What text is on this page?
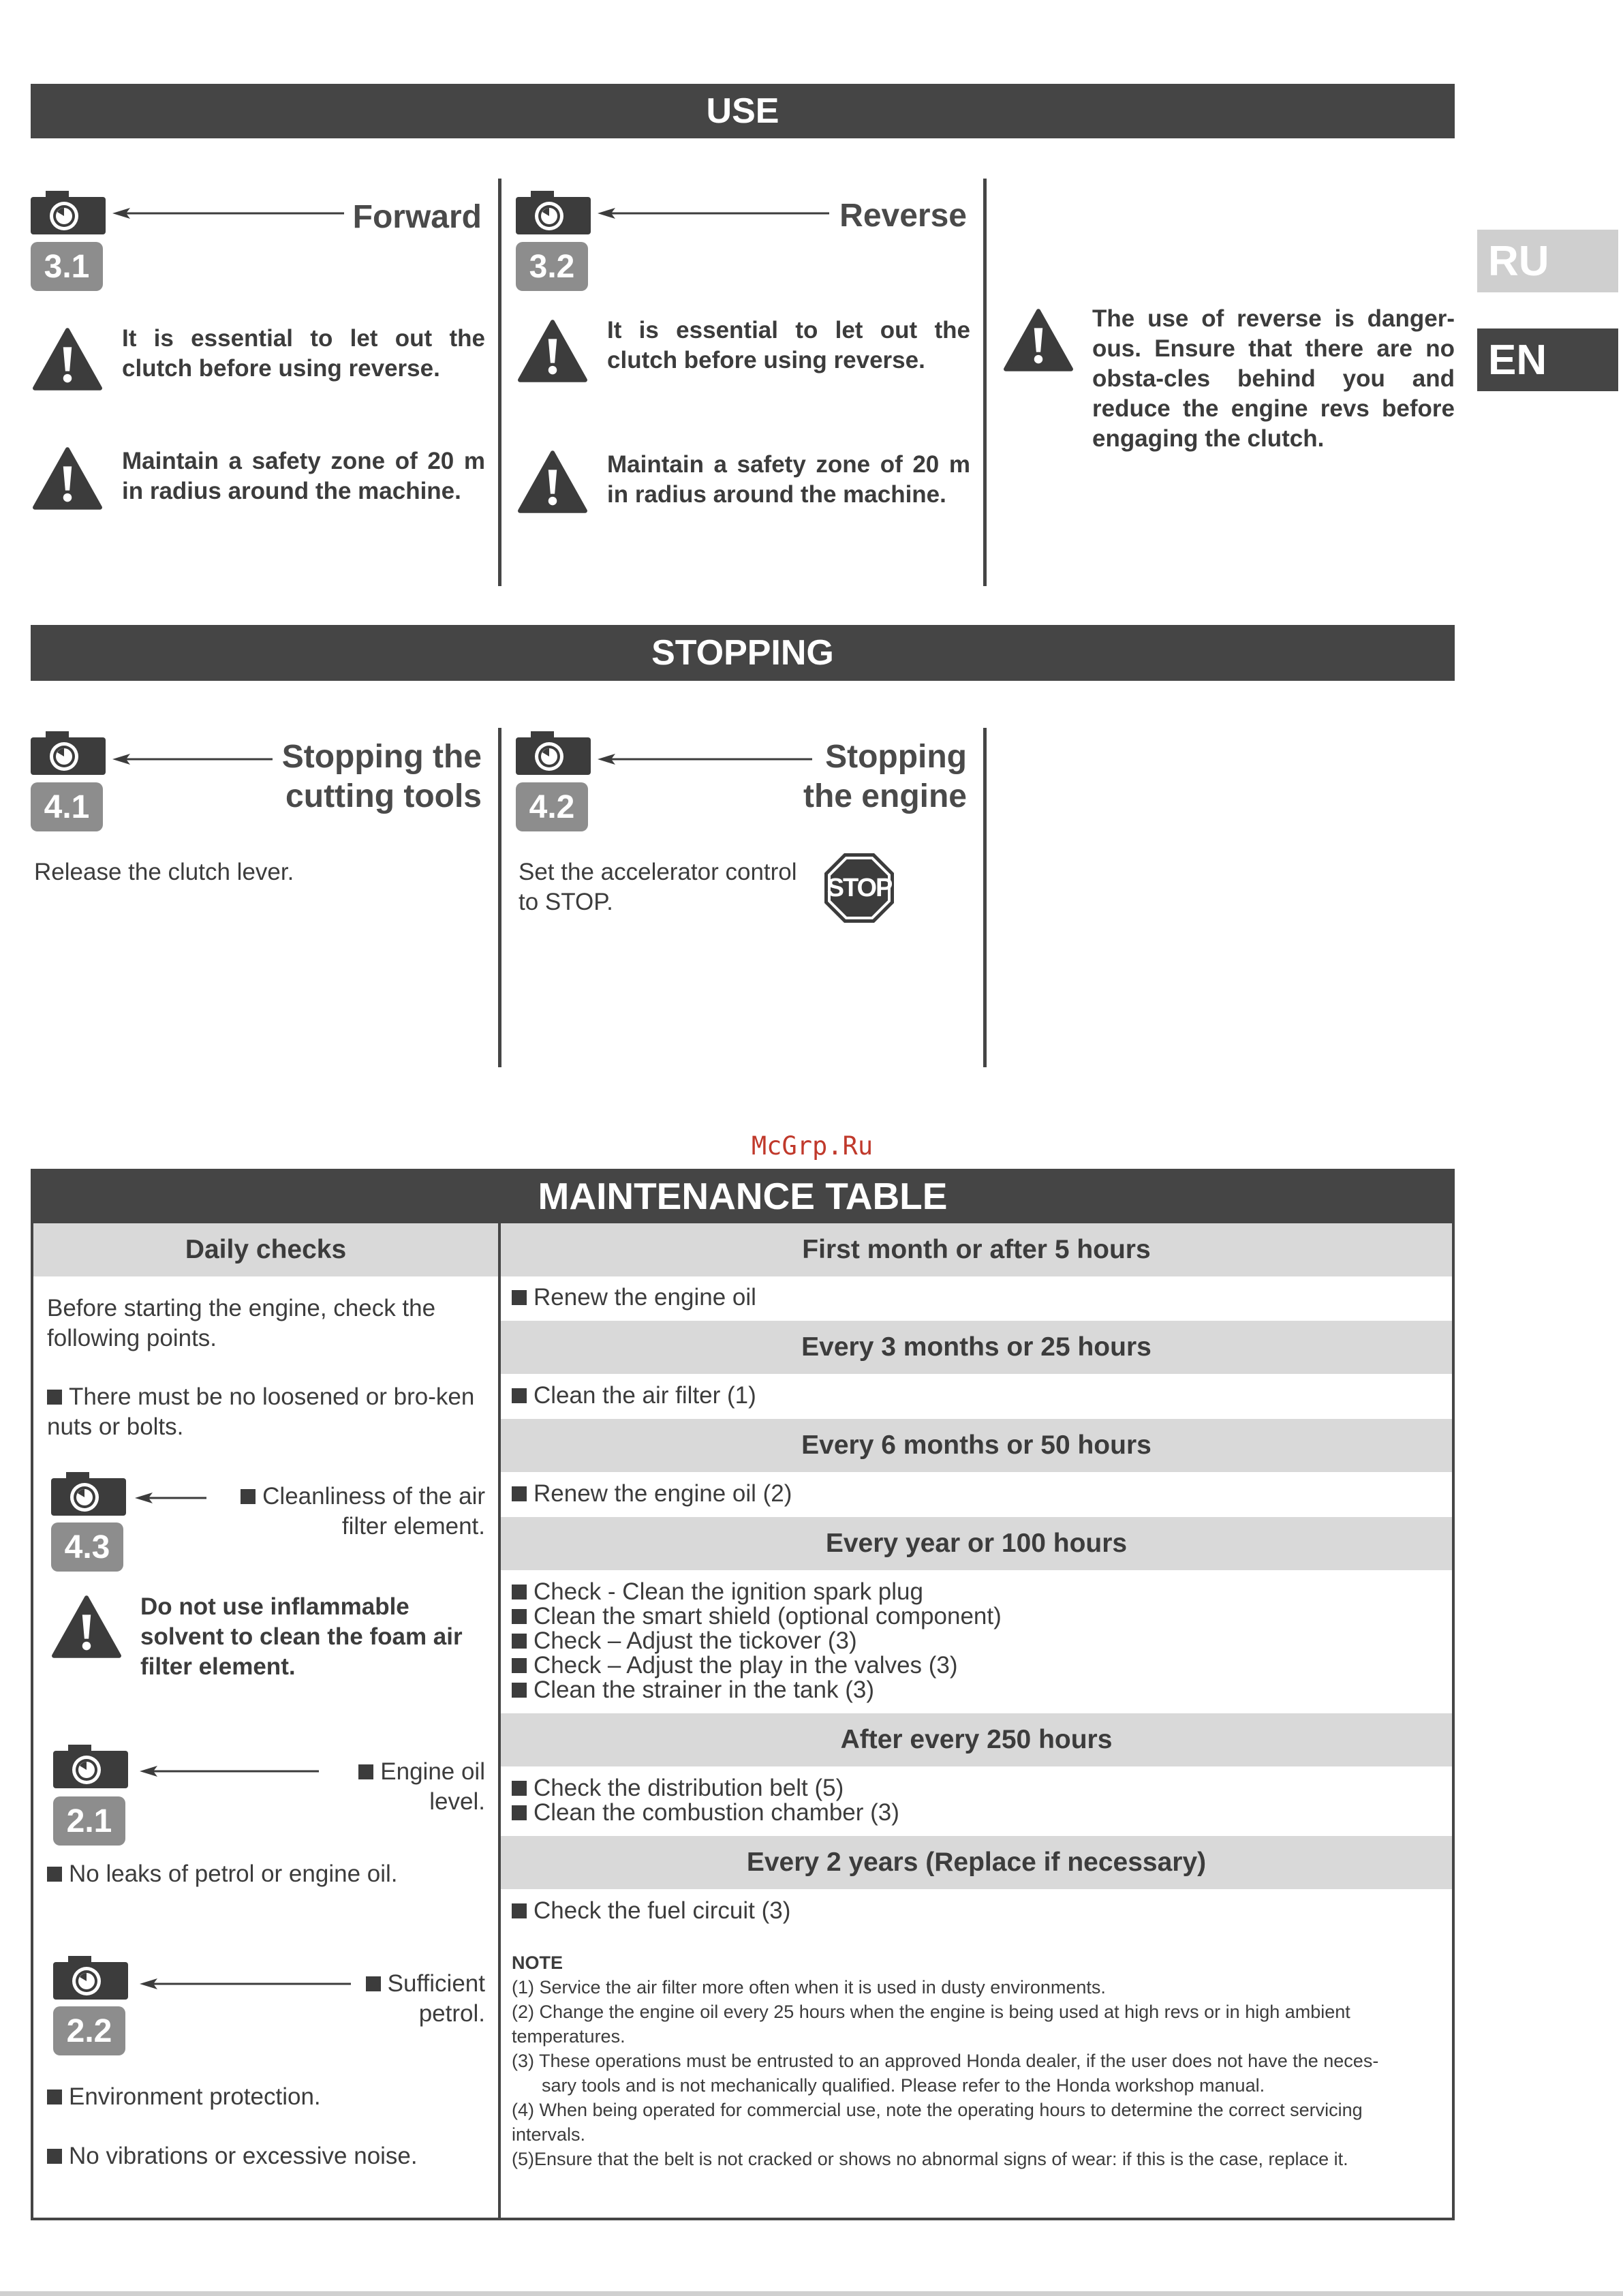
RU
EN
USE
Forward
3.1
It is essential to let out the clutch before using reverse.
Maintain a safety zone of 20 m in radius around the machine.
Reverse
3.2
It is essential to let out the clutch before using reverse.
Maintain a safety zone of 20 m in radius around the machine.
The use of reverse is danger-ous. Ensure that there are no obsta-cles behind you and reduce the engine revs before engaging the clutch.
STOPPING
Stopping the
cutting tools
4.1
Release the clutch lever.
Stopping
the engine
4.2
Set the accelerator control
to STOP.	STOP
McGrp.Ru
MAINTENANCE TABLE
Daily checks
Before starting the engine, check the following points.
There must be no loosened or bro-ken nuts or bolts.
4.3
Cleanliness of the air
filter element.
Do not use inflammable solvent to clean the foam air filter element.
2.1
Engine oil
level.
No leaks of petrol or engine oil.
2.2
Sufficient
petrol.
Environment protection.
No vibrations or excessive noise.
First month or after 5 hours
Renew the engine oil
Every 3 months or 25 hours
Clean the air filter (1)
Every 6 months or 50 hours
Renew the engine oil (2)
Every year or 100 hours
Check - Clean the ignition spark plug
Clean the smart shield (optional component)
Check – Adjust the tickover (3)
Check – Adjust the play in the valves (3)
Clean the strainer in the tank (3)
After every 250 hours
Check the distribution belt (5)
Clean the combustion chamber (3)
Every 2 years (Replace if necessary)
Check the fuel circuit (3)
NOTE
(1) Service the air filter more often when it is used in dusty environments.
(2) Change the engine oil every 25 hours when the engine is being used at high revs or in high ambient
temperatures.
(3) These operations must be entrusted to an approved Honda dealer, if the user does not have the neces-
sary tools and is not mechanically qualified. Please refer to the Honda workshop manual.
(4) When being operated for commercial use, note the operating hours to determine the correct servicing
intervals.
(5)Ensure that the belt is not cracked or shows no abnormal signs of wear: if this is the case, replace it.
